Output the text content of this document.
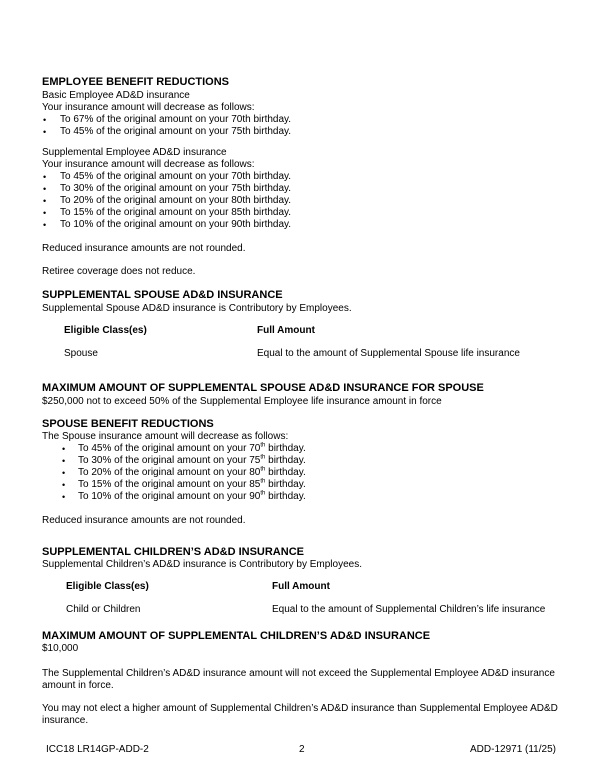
EMPLOYEE BENEFIT REDUCTIONS
Basic Employee AD&D insurance
Your insurance amount will decrease as follows:
• To 67% of the original amount on your 70th birthday.
• To 45% of the original amount on your 75th birthday.
Supplemental Employee AD&D insurance
Your insurance amount will decrease as follows:
• To 45% of the original amount on your 70th birthday.
• To 30% of the original amount on your 75th birthday.
• To 20% of the original amount on your 80th birthday.
• To 15% of the original amount on your 85th birthday.
• To 10% of the original amount on your 90th birthday.
Reduced insurance amounts are not rounded.
Retiree coverage does not reduce.
SUPPLEMENTAL SPOUSE AD&D INSURANCE
Supplemental Spouse AD&D insurance is Contributory by Employees.
Eligible Class(es)	Full Amount
Spouse	Equal to the amount of Supplemental Spouse life insurance
MAXIMUM AMOUNT OF SUPPLEMENTAL SPOUSE AD&D INSURANCE FOR SPOUSE
$250,000 not to exceed 50% of the Supplemental Employee life insurance amount in force
SPOUSE BENEFIT REDUCTIONS
The Spouse insurance amount will decrease as follows:
• To 45% of the original amount on your 70th birthday.
• To 30% of the original amount on your 75th birthday.
• To 20% of the original amount on your 80th birthday.
• To 15% of the original amount on your 85th birthday.
• To 10% of the original amount on your 90th birthday.
Reduced insurance amounts are not rounded.
SUPPLEMENTAL CHILDREN’S AD&D INSURANCE
Supplemental Children’s AD&D insurance is Contributory by Employees.
Eligible Class(es)	Full Amount
Child or Children	Equal to the amount of Supplemental Children’s life insurance
MAXIMUM AMOUNT OF SUPPLEMENTAL CHILDREN’S AD&D INSURANCE
$10,000
The Supplemental Children’s AD&D insurance amount will not exceed the Supplemental Employee AD&D insurance amount in force.
You may not elect a higher amount of Supplemental Children’s AD&D insurance than Supplemental Employee AD&D insurance.
ICC18 LR14GP-ADD-2	2	ADD-12971 (11/25)
